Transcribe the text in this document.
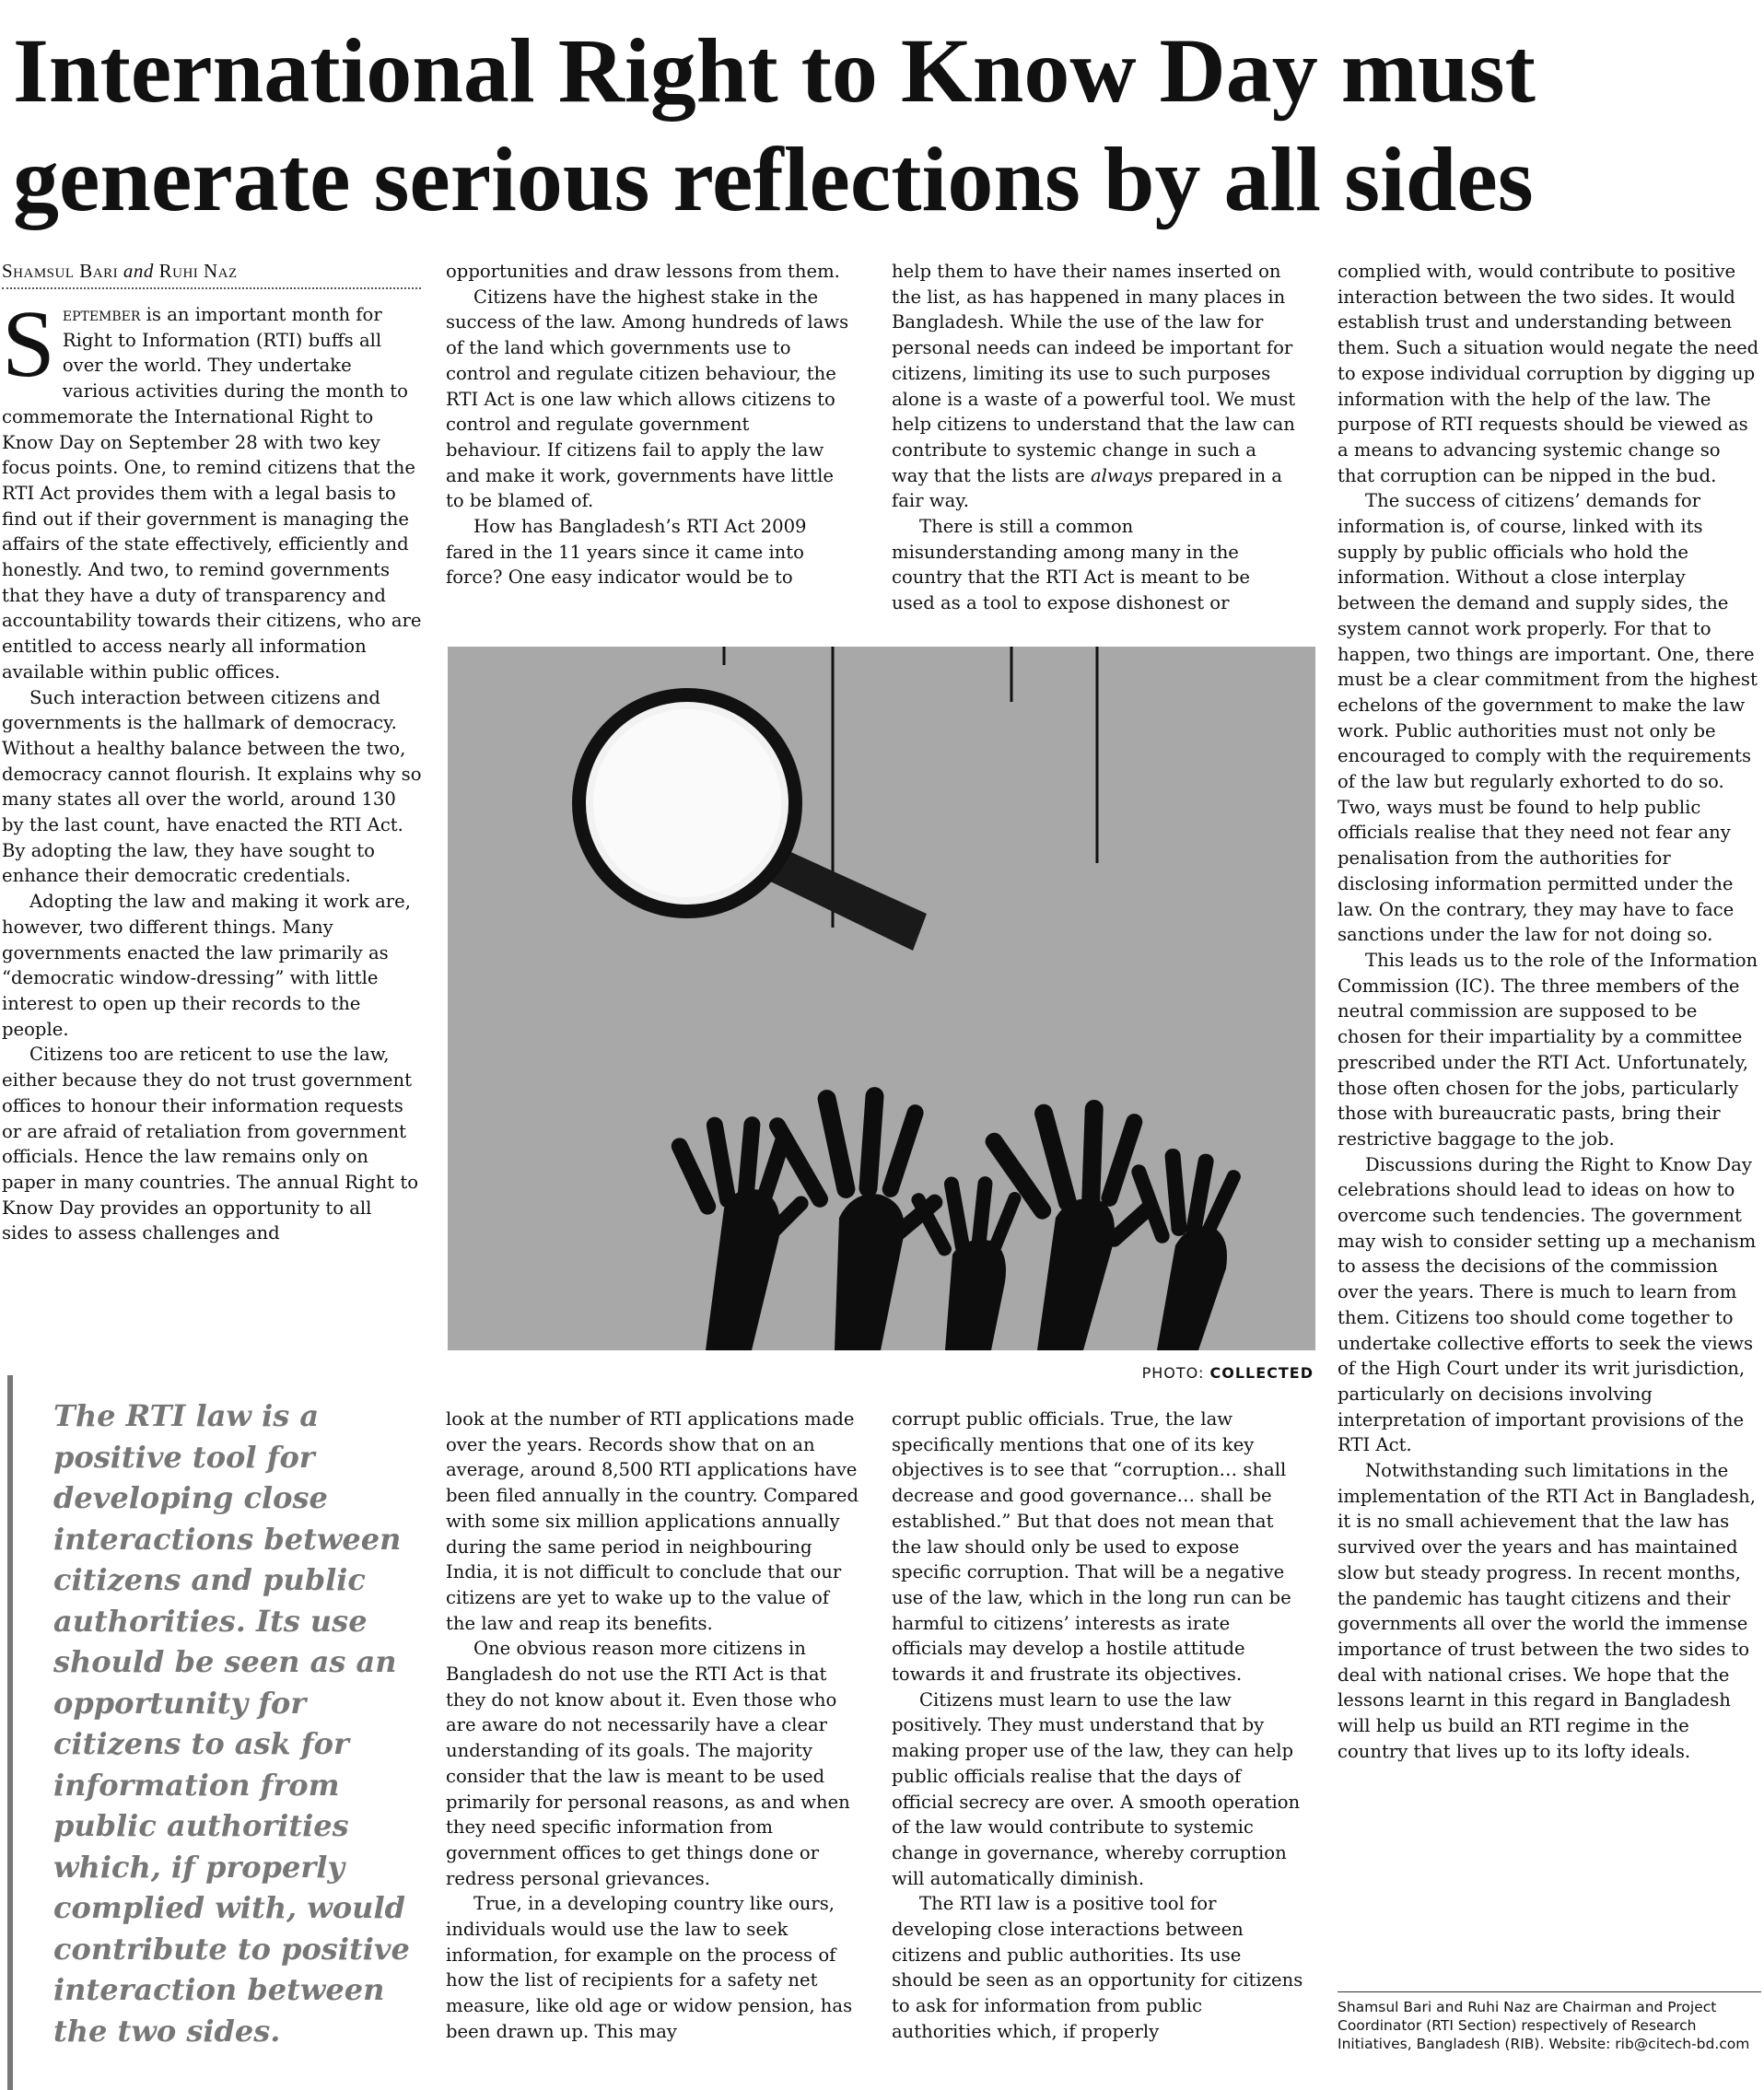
International Right to Know Day must
generate serious reflections by all sides
Shamsul Bari and Ruhi Naz

September is an important month for Right to Information (RTI) buffs all over the world. They undertake various activities during the month to commemorate the International Right to Know Day on September 28 with two key focus points. One, to remind citizens that the RTI Act provides them with a legal basis to find out if their government is managing the affairs of the state effectively, efficiently and honestly. And two, to remind governments that they have a duty of transparency and accountability towards their citizens, who are entitled to access nearly all information available within public offices.

Such interaction between citizens and governments is the hallmark of democracy. Without a healthy balance between the two, democracy cannot flourish. It explains why so many states all over the world, around 130 by the last count, have enacted the RTI Act. By adopting the law, they have sought to enhance their democratic credentials.

Adopting the law and making it work are, however, two different things. Many governments enacted the law primarily as “democratic window-dressing” with little interest to open up their records to the people.

Citizens too are reticent to use the law, either because they do not trust government offices to honour their information requests or are afraid of retaliation from government officials. Hence the law remains only on paper in many countries. The annual Right to Know Day provides an opportunity to all sides to assess challenges and

opportunities and draw lessons from them.

Citizens have the highest stake in the success of the law. Among hundreds of laws of the land which governments use to control and regulate citizen behaviour, the RTI Act is one law which allows citizens to control and regulate government behaviour. If citizens fail to apply the law and make it work, governments have little to be blamed of.

How has Bangladesh’s RTI Act 2009 fared in the 11 years since it came into force? One easy indicator would be to

help them to have their names inserted on the list, as has happened in many places in Bangladesh. While the use of the law for personal needs can indeed be important for citizens, limiting its use to such purposes alone is a waste of a powerful tool. We must help citizens to understand that the law can contribute to systemic change in such a way that the lists are always prepared in a fair way.

There is still a common misunderstanding among many in the country that the RTI Act is meant to be used as a tool to expose dishonest or

PHOTO: COLLECTED

complied with, would contribute to positive interaction between the two sides. It would establish trust and understanding between them. Such a situation would negate the need to expose individual corruption by digging up information with the help of the law. The purpose of RTI requests should be viewed as a means to advancing systemic change so that corruption can be nipped in the bud.

The success of citizens’ demands for information is, of course, linked with its supply by public officials who hold the information. Without a close interplay between the demand and supply sides, the system cannot work properly. For that to happen, two things are important. One, there must be a clear commitment from the highest echelons of the government to make the law work. Public authorities must not only be encouraged to comply with the requirements of the law but regularly exhorted to do so. Two, ways must be found to help public officials realise that they need not fear any penalisation from the authorities for disclosing information permitted under the law. On the contrary, they may have to face sanctions under the law for not doing so.

This leads us to the role of the Information Commission (IC). The three members of the neutral commission are supposed to be chosen for their impartiality by a committee prescribed under the RTI Act. Unfortunately, those often chosen for the jobs, particularly those with bureaucratic pasts, bring their restrictive baggage to the job.

Discussions during the Right to Know Day celebrations should lead to ideas on how to overcome such tendencies. The government may wish to consider setting up a mechanism to assess the decisions of the commission over the years. There is much to learn from them. Citizens too should come together to undertake collective efforts to seek the views of the High Court under its writ jurisdiction, particularly on decisions involving interpretation of important provisions of the RTI Act.

Notwithstanding such limitations in the implementation of the RTI Act in Bangladesh, it is no small achievement that the law has survived over the years and has maintained slow but steady progress. In recent months, the pandemic has taught citizens and their governments all over the world the immense importance of trust between the two sides to deal with national crises. We hope that the lessons learnt in this regard in Bangladesh will help us build an RTI regime in the country that lives up to its lofty ideals.

The RTI law is a positive tool for developing close interactions between citizens and public authorities. Its use should be seen as an opportunity for citizens to ask for information from public authorities which, if properly complied with, would contribute to positive interaction between the two sides.

look at the number of RTI applications made over the years. Records show that on an average, around 8,500 RTI applications have been filed annually in the country. Compared with some six million applications annually during the same period in neighbouring India, it is not difficult to conclude that our citizens are yet to wake up to the value of the law and reap its benefits.

One obvious reason more citizens in Bangladesh do not use the RTI Act is that they do not know about it. Even those who are aware do not necessarily have a clear understanding of its goals. The majority consider that the law is meant to be used primarily for personal reasons, as and when they need specific information from government offices to get things done or redress personal grievances.

True, in a developing country like ours, individuals would use the law to seek information, for example on the process of how the list of recipients for a safety net measure, like old age or widow pension, has been drawn up. This may

corrupt public officials. True, the law specifically mentions that one of its key objectives is to see that “corruption… shall decrease and good governance… shall be established.” But that does not mean that the law should only be used to expose specific corruption. That will be a negative use of the law, which in the long run can be harmful to citizens’ interests as irate officials may develop a hostile attitude towards it and frustrate its objectives.

Citizens must learn to use the law positively. They must understand that by making proper use of the law, they can help public officials realise that the days of official secrecy are over. A smooth operation of the law would contribute to systemic change in governance, whereby corruption will automatically diminish.

The RTI law is a positive tool for developing close interactions between citizens and public authorities. Its use should be seen as an opportunity for citizens to ask for information from public authorities which, if properly

Shamsul Bari and Ruhi Naz are Chairman and Project Coordinator (RTI Section) respectively of Research Initiatives, Bangladesh (RIB). Website: rib@citech-bd.com
